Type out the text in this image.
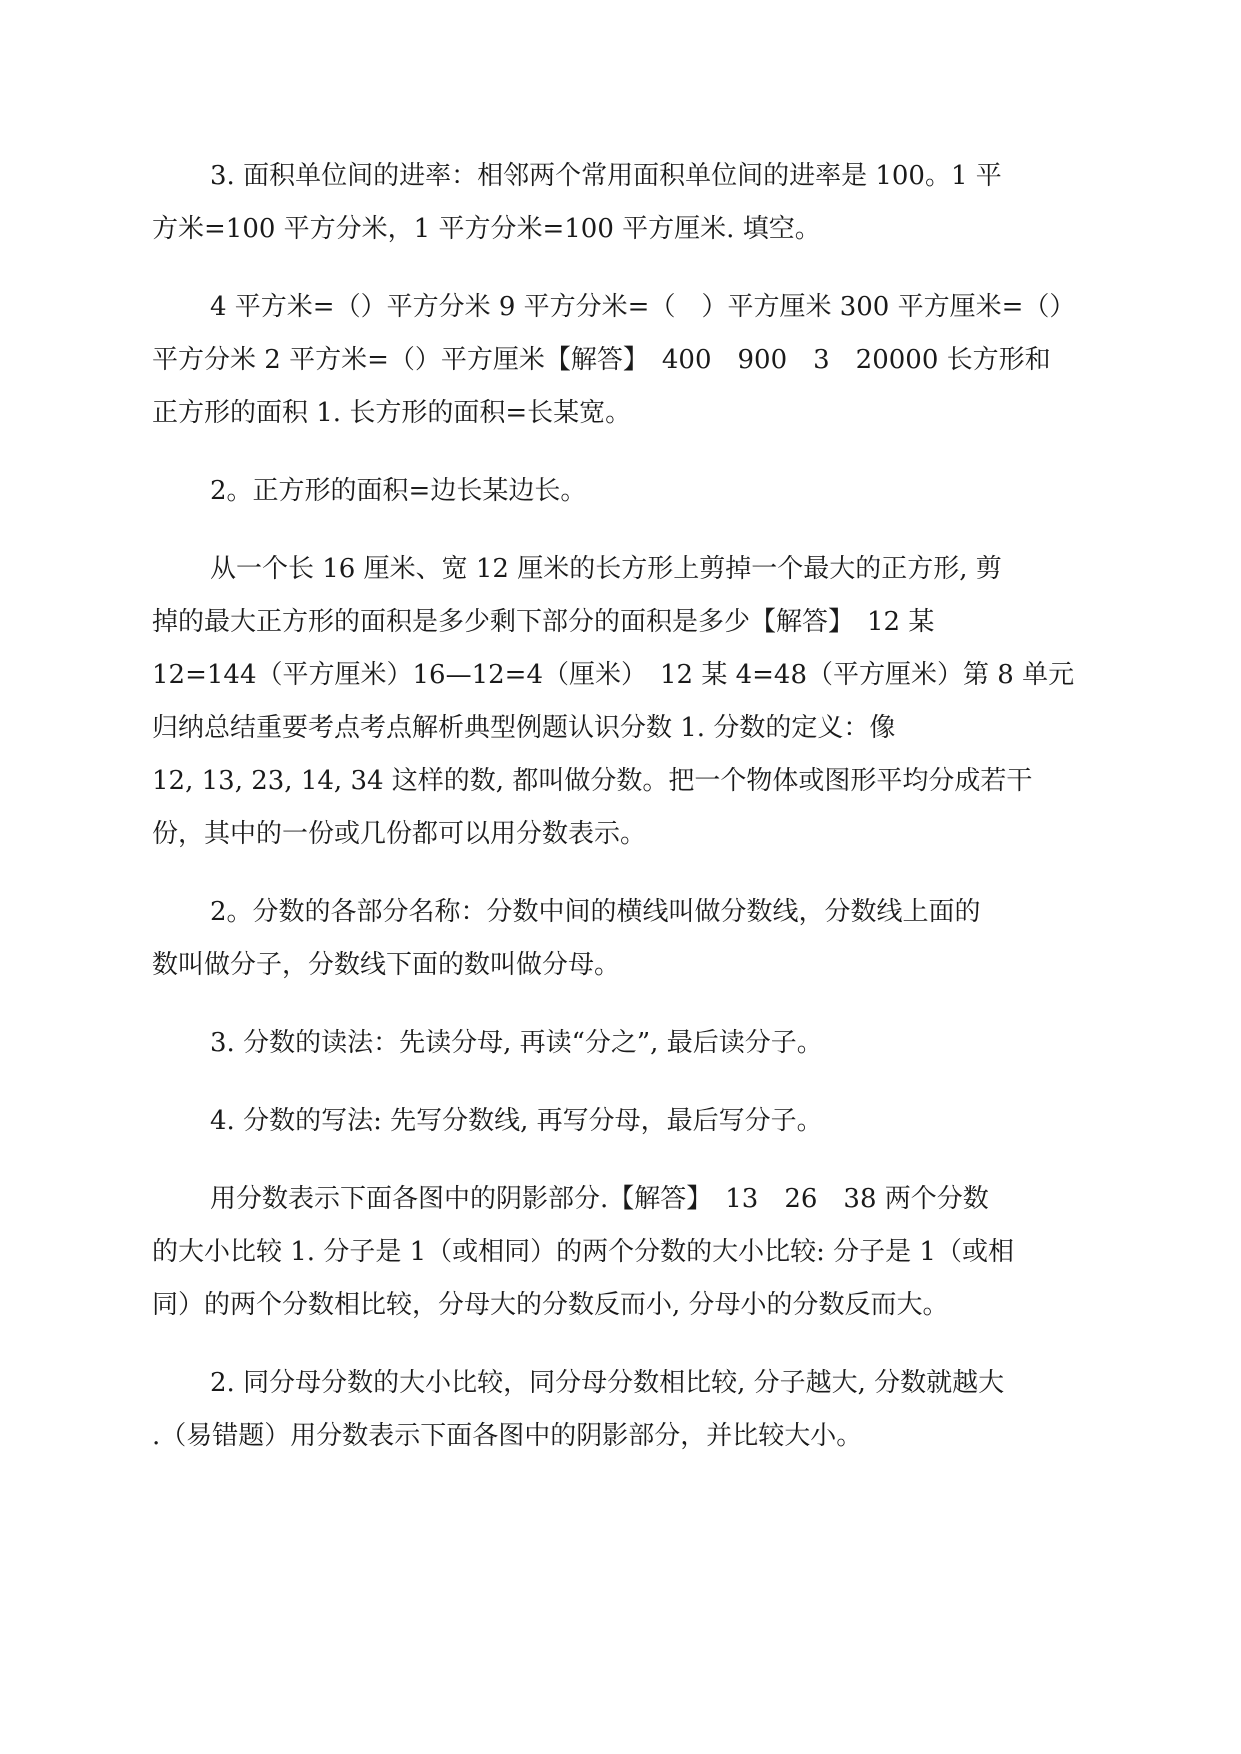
3. 面积单位间的进率：相邻两个常用面积单位间的进率是 100。1 平
方米=100 平方分米，1 平方分米=100 平方厘米. 填空。

4 平方米=（）平方分米 9 平方分米=（　）平方厘米 300 平方厘米=（）
平方分米 2 平方米=（）平方厘米【解答】　400　900　3　20000 长方形和
正方形的面积 1. 长方形的面积=长某宽。

2。正方形的面积=边长某边长。

从一个长 16 厘米、宽 12 厘米的长方形上剪掉一个最大的正方形, 剪
掉的最大正方形的面积是多少剩下部分的面积是多少【解答】　12 某
12=144（平方厘米）16—12=4（厘米）　12 某 4=48（平方厘米）第 8 单元
归纳总结重要考点考点解析典型例题认识分数 1. 分数的定义：像
12, 13, 23, 14, 34 这样的数, 都叫做分数。把一个物体或图形平均分成若干
份，其中的一份或几份都可以用分数表示。

2。分数的各部分名称：分数中间的横线叫做分数线，分数线上面的
数叫做分子，分数线下面的数叫做分母。

3. 分数的读法：先读分母, 再读“分之”, 最后读分子。

4. 分数的写法: 先写分数线, 再写分母，最后写分子。

用分数表示下面各图中的阴影部分.【解答】　13　26　38 两个分数
的大小比较 1. 分子是 1（或相同）的两个分数的大小比较: 分子是 1（或相
同）的两个分数相比较，分母大的分数反而小, 分母小的分数反而大。

2. 同分母分数的大小比较，同分母分数相比较, 分子越大, 分数就越大
.（易错题）用分数表示下面各图中的阴影部分，并比较大小。
